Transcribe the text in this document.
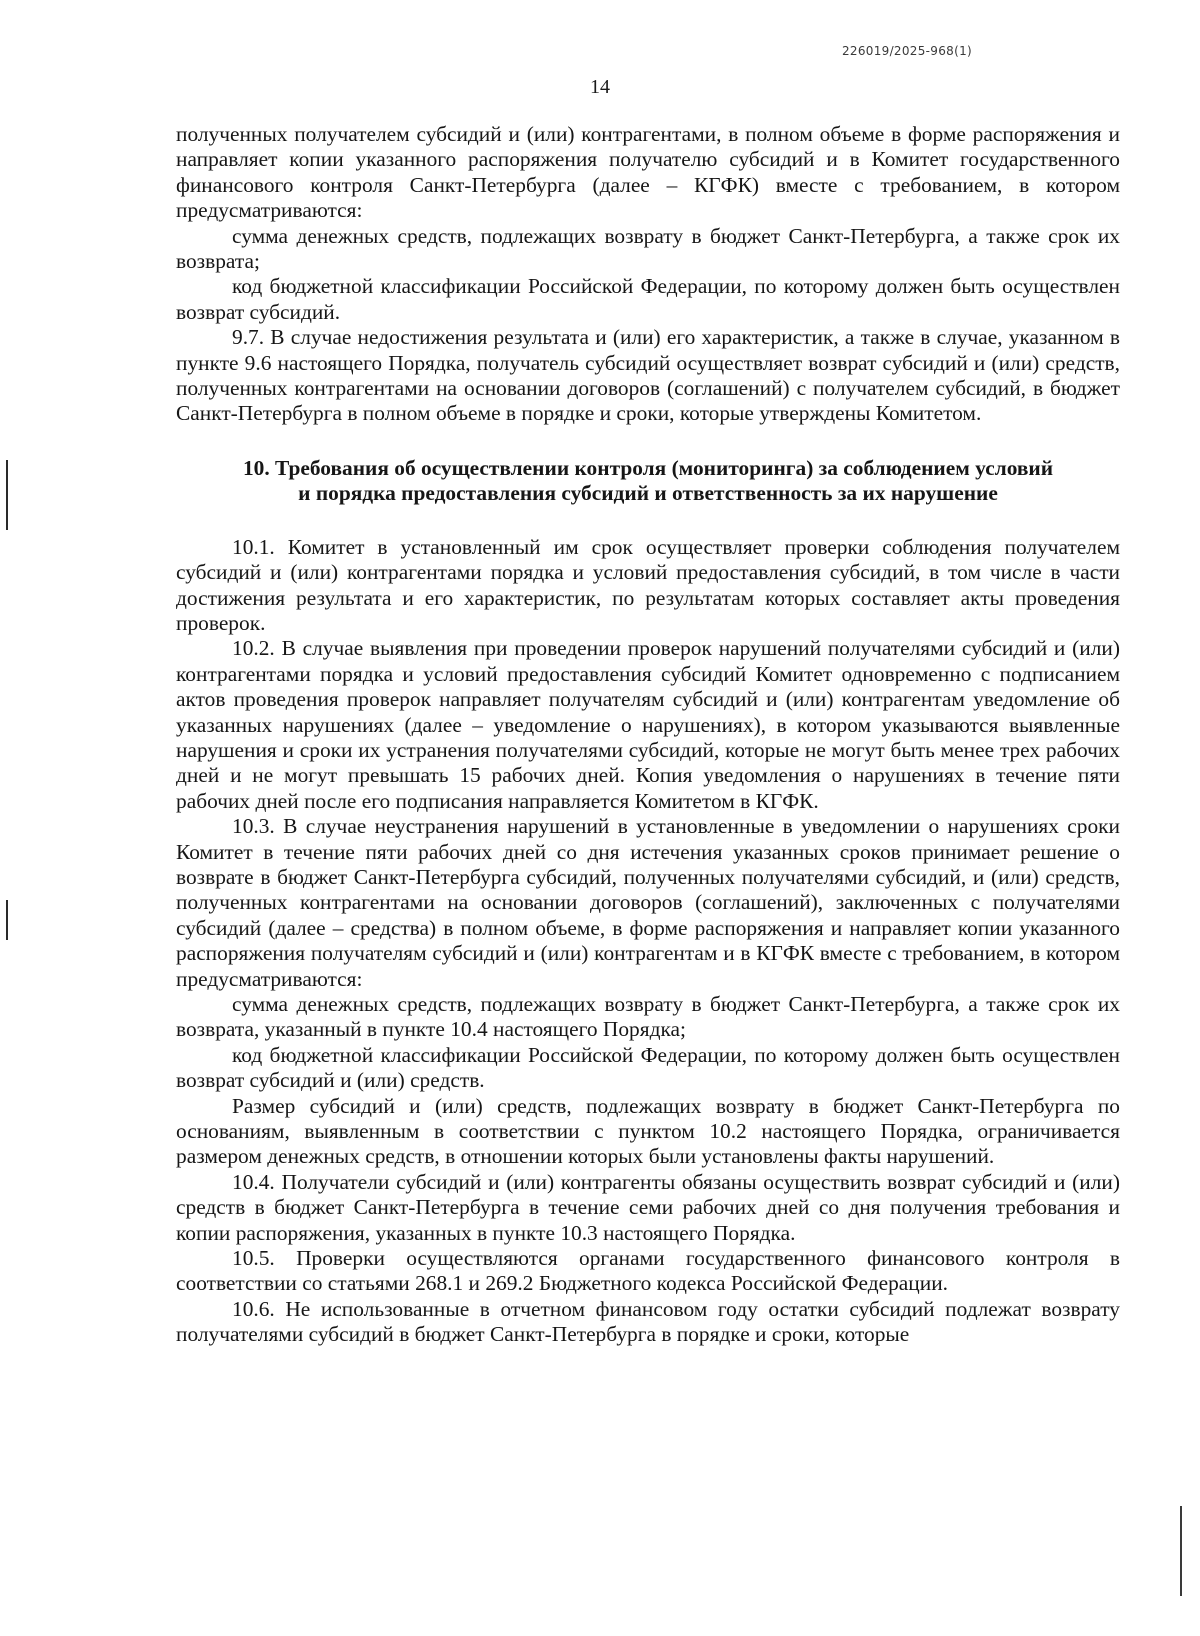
226019/2025-968(1)
14

полученных получателем субсидий и (или) контрагентами, в полном объеме в форме распоряжения и направляет копии указанного распоряжения получателю субсидий и в Комитет государственного финансового контроля Санкт-Петербурга (далее – КГФК) вместе с требованием, в котором предусматриваются:

сумма денежных средств, подлежащих возврату в бюджет Санкт-Петербурга, а также срок их возврата;

код бюджетной классификации Российской Федерации, по которому должен быть осуществлен возврат субсидий.

9.7. В случае недостижения результата и (или) его характеристик, а также в случае, указанном в пункте 9.6 настоящего Порядка, получатель субсидий осуществляет возврат субсидий и (или) средств, полученных контрагентами на основании договоров (соглашений) с получателем субсидий, в бюджет Санкт-Петербурга в полном объеме в порядке и сроки, которые утверждены Комитетом.

10. Требования об осуществлении контроля (мониторинга) за соблюдением условий
и порядка предоставления субсидий и ответственность за их нарушение

10.1. Комитет в установленный им срок осуществляет проверки соблюдения получателем субсидий и (или) контрагентами порядка и условий предоставления субсидий, в том числе в части достижения результата и его характеристик, по результатам которых составляет акты проведения проверок.

10.2. В случае выявления при проведении проверок нарушений получателями субсидий и (или) контрагентами порядка и условий предоставления субсидий Комитет одновременно с подписанием актов проведения проверок направляет получателям субсидий и (или) контрагентам уведомление об указанных нарушениях (далее – уведомление о нарушениях), в котором указываются выявленные нарушения и сроки их устранения получателями субсидий, которые не могут быть менее трех рабочих дней и не могут превышать 15 рабочих дней. Копия уведомления о нарушениях в течение пяти рабочих дней после его подписания направляется Комитетом в КГФК.

10.3. В случае неустранения нарушений в установленные в уведомлении о нарушениях сроки Комитет в течение пяти рабочих дней со дня истечения указанных сроков принимает решение о возврате в бюджет Санкт-Петербурга субсидий, полученных получателями субсидий, и (или) средств, полученных контрагентами на основании договоров (соглашений), заключенных с получателями субсидий (далее – средства) в полном объеме, в форме распоряжения и направляет копии указанного распоряжения получателям субсидий и (или) контрагентам и в КГФК вместе с требованием, в котором предусматриваются:

сумма денежных средств, подлежащих возврату в бюджет Санкт-Петербурга, а также срок их возврата, указанный в пункте 10.4 настоящего Порядка;

код бюджетной классификации Российской Федерации, по которому должен быть осуществлен возврат субсидий и (или) средств.

Размер субсидий и (или) средств, подлежащих возврату в бюджет Санкт-Петербурга по основаниям, выявленным в соответствии с пунктом 10.2 настоящего Порядка, ограничивается размером денежных средств, в отношении которых были установлены факты нарушений.

10.4. Получатели субсидий и (или) контрагенты обязаны осуществить возврат субсидий и (или) средств в бюджет Санкт-Петербурга в течение семи рабочих дней со дня получения требования и копии распоряжения, указанных в пункте 10.3 настоящего Порядка.

10.5. Проверки осуществляются органами государственного финансового контроля в соответствии со статьями 268.1 и 269.2 Бюджетного кодекса Российской Федерации.

10.6. Не использованные в отчетном финансовом году остатки субсидий подлежат возврату получателями субсидий в бюджет Санкт-Петербурга в порядке и сроки, которые
